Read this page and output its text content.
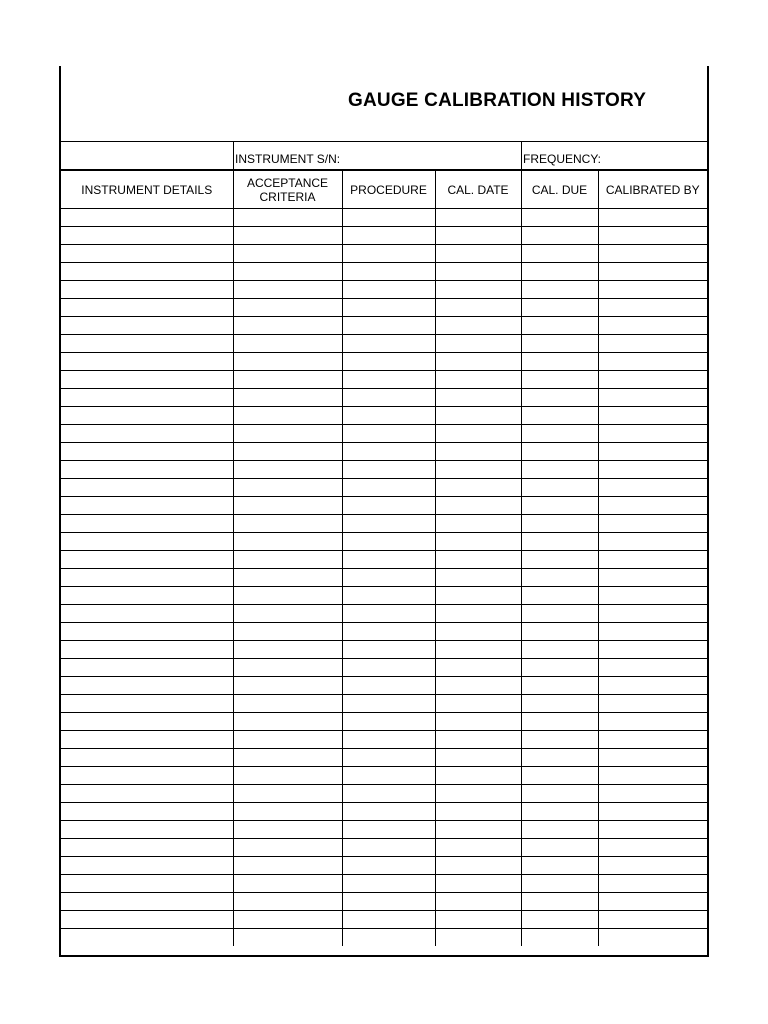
GAUGE CALIBRATION HISTORY
INSTRUMENT S/N:	FREQUENCY:
INSTRUMENT DETAILS	ACCEPTANCE CRITERIA	PROCEDURE	CAL. DATE	CAL. DUE	CALIBRATED BY
